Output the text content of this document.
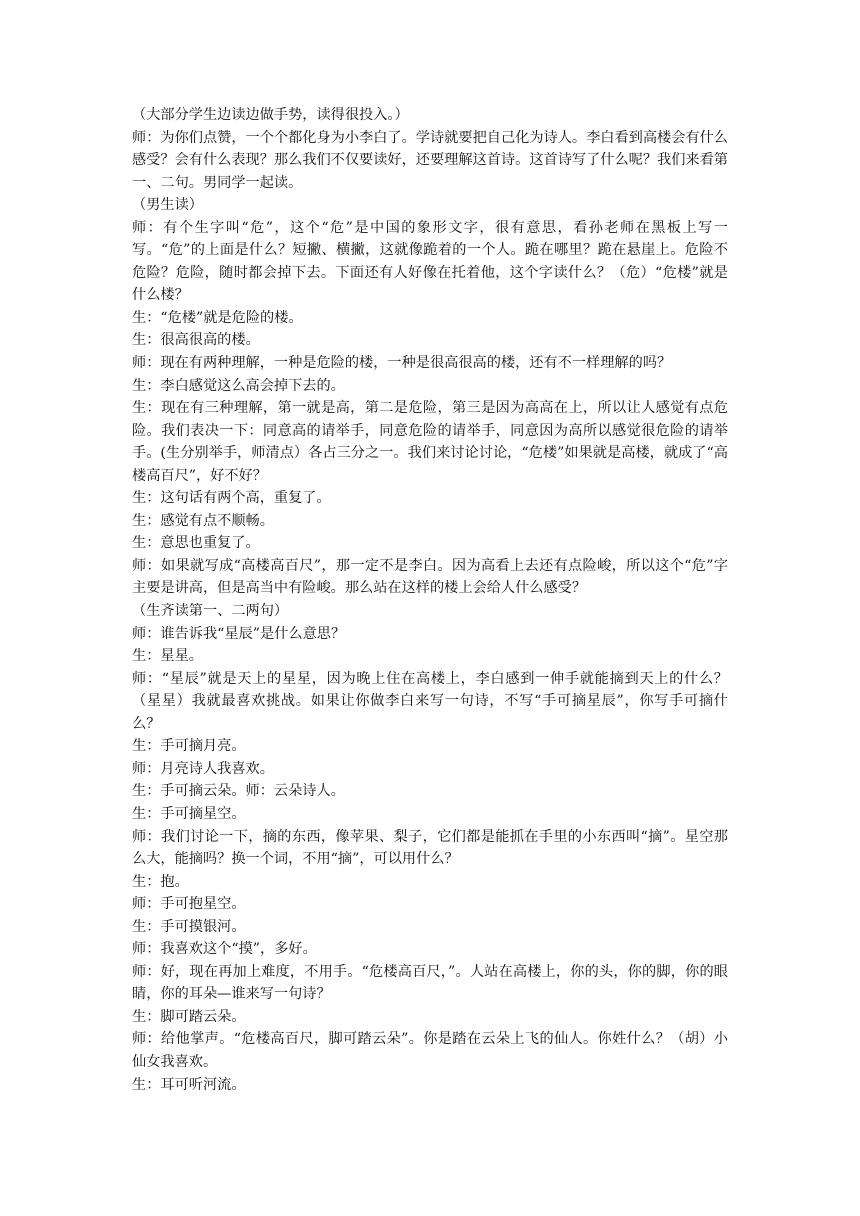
（大部分学生边读边做手势，读得很投入。）

师：为你们点赞，一个个都化身为小李白了。学诗就要把自己化为诗人。李白看到高楼会有什么感受？会有什么表现？那么我们不仅要读好，还要理解这首诗。这首诗写了什么呢？我们来看第一、二句。男同学一起读。

（男生读）

师：有个生字叫“危”，这个“危”是中国的象形文字，很有意思，看孙老师在黑板上写一写。“危”的上面是什么？短撇、横撇，这就像跪着的一个人。跪在哪里？跪在悬崖上。危险不危险？危险，随时都会掉下去。下面还有人好像在托着他，这个字读什么？（危）“危楼”就是什么楼？

生：“危楼”就是危险的楼。

生：很高很高的楼。

师：现在有两种理解，一种是危险的楼，一种是很高很高的楼，还有不一样理解的吗？

生：李白感觉这么高会掉下去的。

生：现在有三种理解，第一就是高，第二是危险，第三是因为高高在上，所以让人感觉有点危险。我们表决一下：同意高的请举手，同意危险的请举手，同意因为高所以感觉很危险的请举手。(生分别举手，师清点）各占三分之一。我们来讨论讨论，“危楼”如果就是高楼，就成了“高楼高百尺”，好不好？

生：这句话有两个高，重复了。

生：感觉有点不顺畅。

生：意思也重复了。

师：如果就写成“高楼高百尺”，那一定不是李白。因为高看上去还有点险峻，所以这个“危”字主要是讲高，但是高当中有险峻。那么站在这样的楼上会给人什么感受？

（生齐读第一、二两句）

师：谁告诉我“星辰”是什么意思？

生：星星。

师：“星辰”就是天上的星星，因为晚上住在高楼上，李白感到一伸手就能摘到天上的什么？（星星）我就最喜欢挑战。如果让你做李白来写一句诗，不写“手可摘星辰”，你写手可摘什么？

生：手可摘月亮。

师：月亮诗人我喜欢。

生：手可摘云朵。师：云朵诗人。

生：手可摘星空。

师：我们讨论一下，摘的东西，像苹果、梨子，它们都是能抓在手里的小东西叫“摘”。星空那么大，能摘吗？换一个词，不用“摘”，可以用什么？

生：抱。

师：手可抱星空。

生：手可摸银河。

师：我喜欢这个“摸”，多好。

师：好，现在再加上难度，不用手。“危楼高百尺，”。人站在高楼上，你的头，你的脚，你的眼睛，你的耳朵—谁来写一句诗？

生：脚可踏云朵。

师：给他掌声。“危楼高百尺，脚可踏云朵”。你是踏在云朵上飞的仙人。你姓什么？（胡）小仙女我喜欢。

生：耳可听河流。
